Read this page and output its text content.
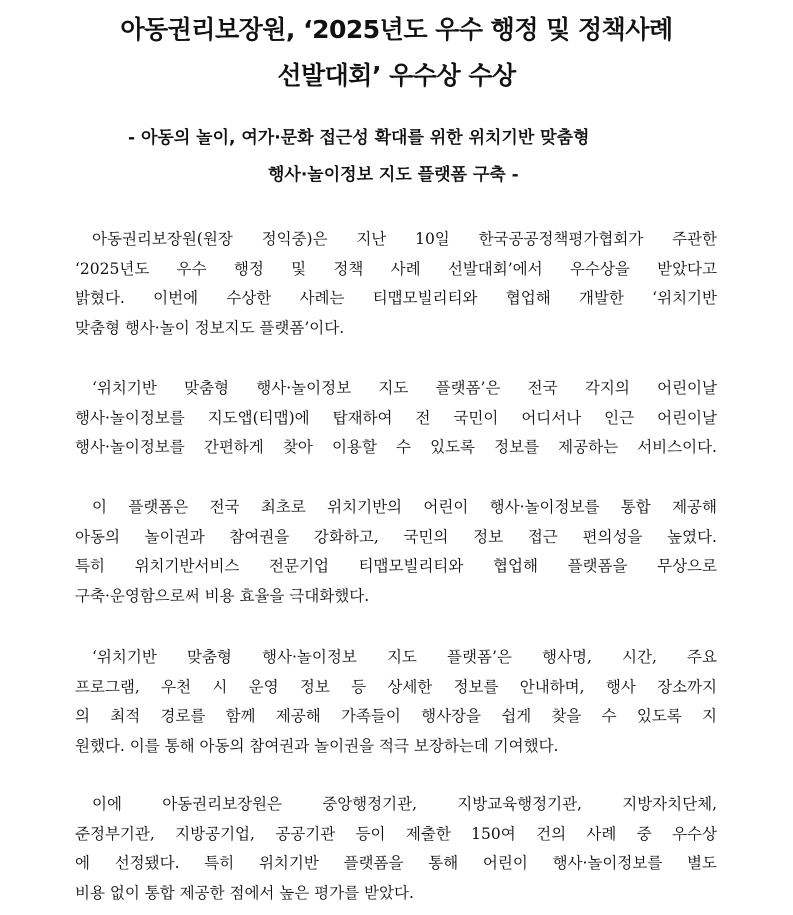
아동권리보장원, ‘2025년도 우수 행정 및 정책사례
선발대회’ 우수상 수상

- 아동의 놀이, 여가·문화 접근성 확대를 위한 위치기반 맞춤형

행사·놀이정보 지도 플랫폼 구축 -

아동권리보장원(원장 정익중)은 지난 10일 한국공공정책평가협회가 주관한
‘2025년도 우수 행정 및 정책 사례 선발대회’에서 우수상을 받았다고
밝혔다. 이번에 수상한 사례는 티맵모빌리티와 협업해 개발한 ‘위치기반
맞춤형 행사·놀이 정보지도 플랫폼’이다.
‘위치기반 맞춤형 행사·놀이정보 지도 플랫폼’은 전국 각지의 어린이날
행사·놀이정보를 지도앱(티맵)에 탑재하여 전 국민이 어디서나 인근 어린이날
행사·놀이정보를 간편하게 찾아 이용할 수 있도록 정보를 제공하는 서비스이다.
이 플랫폼은 전국 최초로 위치기반의 어린이 행사·놀이정보를 통합 제공해
아동의 놀이권과 참여권을 강화하고, 국민의 정보 접근 편의성을 높였다.
특히 위치기반서비스 전문기업 티맵모빌리티와 협업해 플랫폼을 무상으로
구축·운영함으로써 비용 효율을 극대화했다.
‘위치기반 맞춤형 행사·놀이정보 지도 플랫폼’은 행사명, 시간, 주요
프로그램, 우천 시 운영 정보 등 상세한 정보를 안내하며, 행사 장소까지
의 최적 경로를 함께 제공해 가족들이 행사장을 쉽게 찾을 수 있도록 지
원했다. 이를 통해 아동의 참여권과 놀이권을 적극 보장하는데 기여했다.
이에 아동권리보장원은 중앙행정기관, 지방교육행정기관, 지방자치단체,
준정부기관, 지방공기업, 공공기관 등이 제출한 150여 건의 사례 중 우수상
에 선정됐다. 특히 위치기반 플랫폼을 통해 어린이 행사·놀이정보를 별도
비용 없이 통합 제공한 점에서 높은 평가를 받았다.
